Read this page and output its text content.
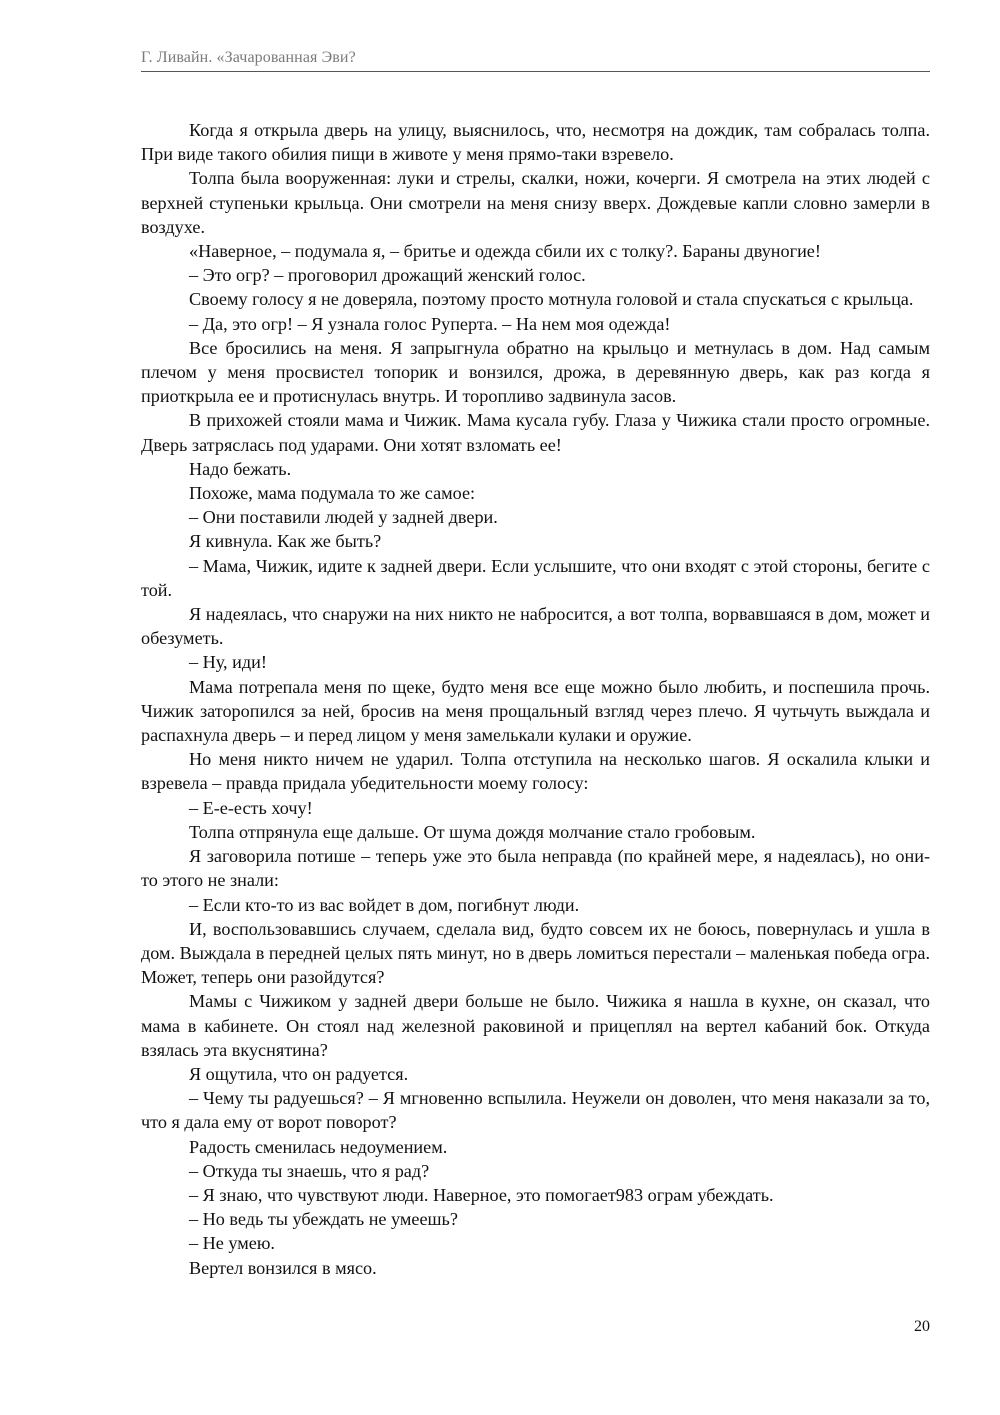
Г. Ливайн. «Зачарованная Эви?

Когда я открыла дверь на улицу, выяснилось, что, несмотря на дождик, там собралась толпа. При виде такого обилия пищи в животе у меня прямо-таки взревело.

Толпа была вооруженная: луки и стрелы, скалки, ножи, кочерги. Я смотрела на этих людей с верхней ступеньки крыльца. Они смотрели на меня снизу вверх. Дождевые капли словно замерли в воздухе.

«Наверное, – подумала я, – бритье и одежда сбили их с толку?. Бараны двуногие!

– Это огр? – проговорил дрожащий женский голос.

Своему голосу я не доверяла, поэтому просто мотнула головой и стала спускаться с крыльца.

– Да, это огр! – Я узнала голос Руперта. – На нем моя одежда!

Все бросились на меня. Я запрыгнула обратно на крыльцо и метнулась в дом. Над самым плечом у меня просвистел топорик и вонзился, дрожа, в деревянную дверь, как раз когда я приоткрыла ее и протиснулась внутрь. И торопливо задвинула засов.

В прихожей стояли мама и Чижик. Мама кусала губу. Глаза у Чижика стали просто огромные. Дверь затряслась под ударами. Они хотят взломать ее!

Надо бежать.

Похоже, мама подумала то же самое:

– Они поставили людей у задней двери.

Я кивнула. Как же быть?

– Мама, Чижик, идите к задней двери. Если услышите, что они входят с этой стороны, бегите с той.

Я надеялась, что снаружи на них никто не набросится, а вот толпа, ворвавшаяся в дом, может и обезуметь.

– Ну, иди!

Мама потрепала меня по щеке, будто меня все еще можно было любить, и поспешила прочь. Чижик заторопился за ней, бросив на меня прощальный взгляд через плечо. Я чутьчуть выждала и распахнула дверь – и перед лицом у меня замелькали кулаки и оружие.

Но меня никто ничем не ударил. Толпа отступила на несколько шагов. Я оскалила клыки и взревела – правда придала убедительности моему голосу:

– Е-е-есть хочу!

Толпа отпрянула еще дальше. От шума дождя молчание стало гробовым.

Я заговорила потише – теперь уже это была неправда (по крайней мере, я надеялась), но они-то этого не знали:

– Если кто-то из вас войдет в дом, погибнут люди.

И, воспользовавшись случаем, сделала вид, будто совсем их не боюсь, повернулась и ушла в дом. Выждала в передней целых пять минут, но в дверь ломиться перестали – маленькая победа огра. Может, теперь они разойдутся?

Мамы с Чижиком у задней двери больше не было. Чижика я нашла в кухне, он сказал, что мама в кабинете. Он стоял над железной раковиной и прицеплял на вертел кабаний бок. Откуда взялась эта вкуснятина?

Я ощутила, что он радуется.

– Чему ты радуешься? – Я мгновенно вспылила. Неужели он доволен, что меня наказали за то, что я дала ему от ворот поворот?

Радость сменилась недоумением.

– Откуда ты знаешь, что я рад?

– Я знаю, что чувствуют люди. Наверное, это помогает983 ограм убеждать.

– Но ведь ты убеждать не умеешь?

– Не умею.

Вертел вонзился в мясо.

20
